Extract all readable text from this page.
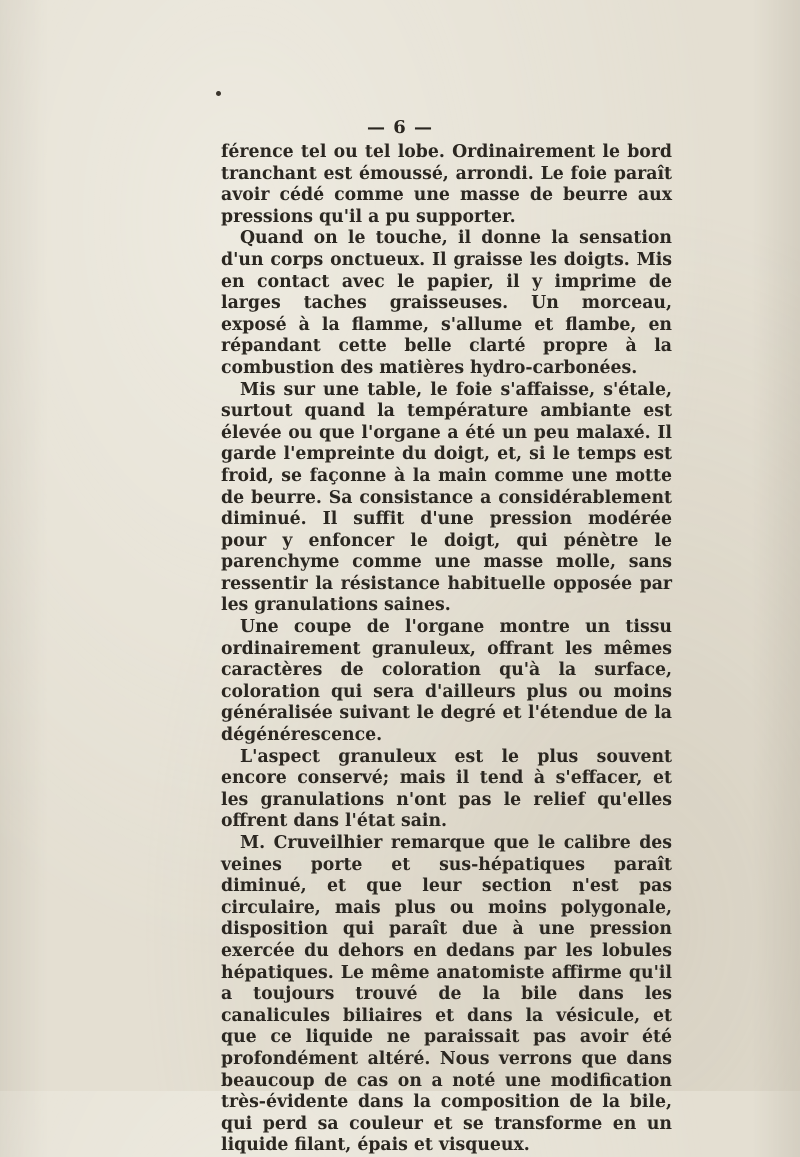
— 6 —

férence tel ou tel lobe. Ordinairement le bord tranchant est émoussé, arrondi. Le foie paraît avoir cédé comme une masse de beurre aux pressions qu'il a pu supporter.

Quand on le touche, il donne la sensation d'un corps onctueux. Il graisse les doigts. Mis en contact avec le papier, il y imprime de larges taches graisseuses. Un morceau, exposé à la flamme, s'allume et flambe, en répandant cette belle clarté propre à la combustion des matières hydro-carbonées.

Mis sur une table, le foie s'affaisse, s'étale, surtout quand la température ambiante est élevée ou que l'organe a été un peu malaxé. Il garde l'empreinte du doigt, et, si le temps est froid, se façonne à la main comme une motte de beurre. Sa consistance a considérablement diminué. Il suffit d'une pression modérée pour y enfoncer le doigt, qui pénètre le parenchyme comme une masse molle, sans ressentir la résistance habituelle opposée par les granulations saines.

Une coupe de l'organe montre un tissu ordinairement granuleux, offrant les mêmes caractères de coloration qu'à la surface, coloration qui sera d'ailleurs plus ou moins généralisée suivant le degré et l'étendue de la dégénérescence.

L'aspect granuleux est le plus souvent encore conservé; mais il tend à s'effacer, et les granulations n'ont pas le relief qu'elles offrent dans l'état sain.

M. Cruveilhier remarque que le calibre des veines porte et sus-hépatiques paraît diminué, et que leur section n'est pas circulaire, mais plus ou moins polygonale, disposition qui paraît due à une pression exercée du dehors en dedans par les lobules hépatiques. Le même anatomiste affirme qu'il a toujours trouvé de la bile dans les canalicules biliaires et dans la vésicule, et que ce liquide ne paraissait pas avoir été profondément altéré. Nous verrons que dans beaucoup de cas on a noté une modification très-évidente dans la composition de la bile, qui perd sa couleur et se transforme en un liquide filant, épais et visqueux.
